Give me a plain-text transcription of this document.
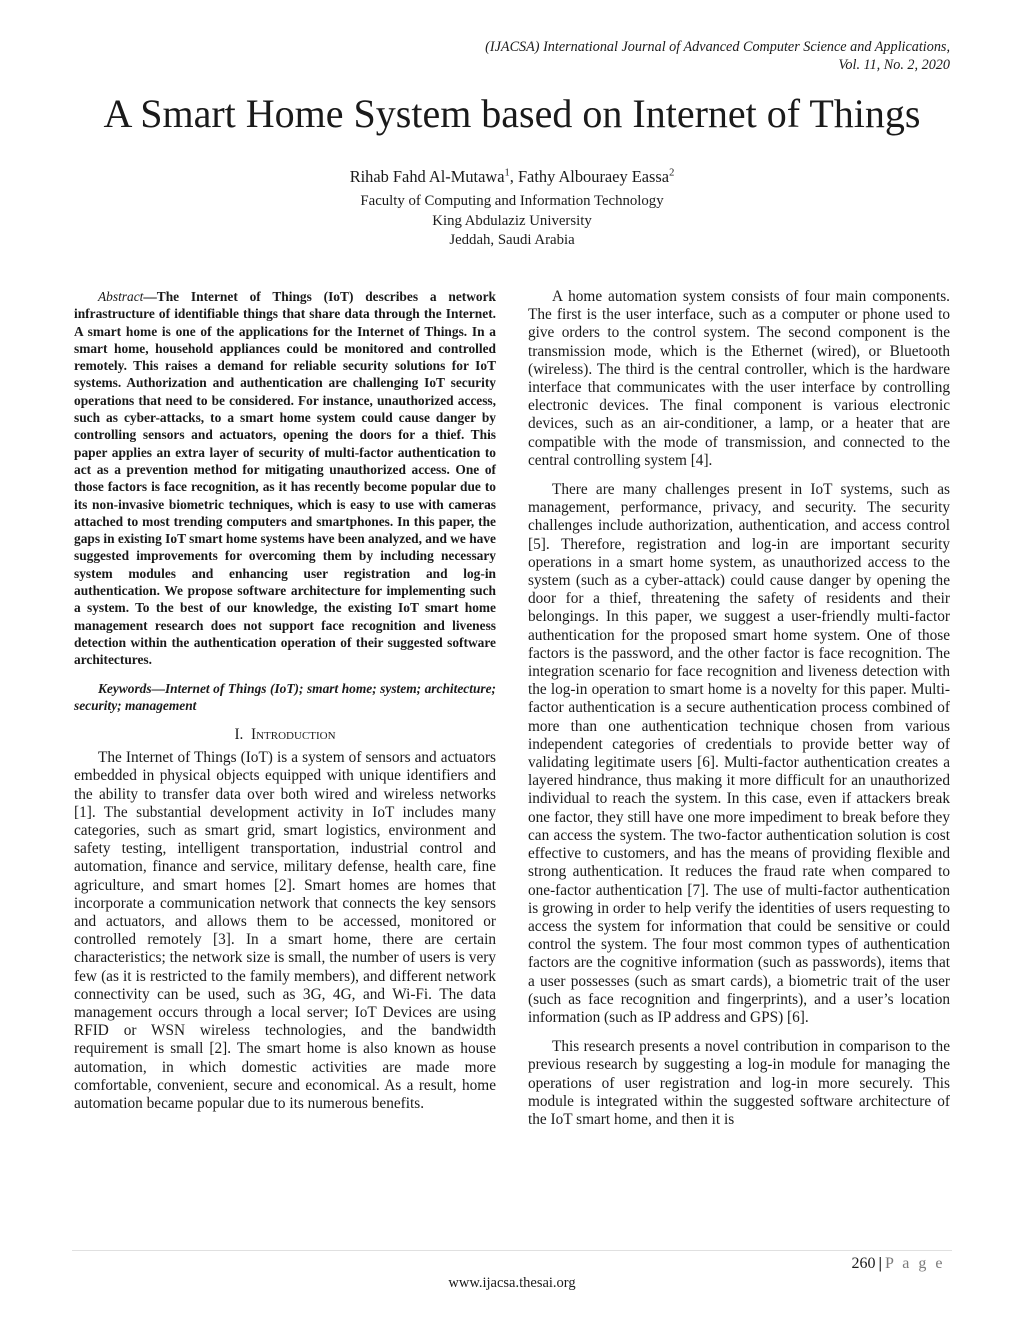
(IJACSA) International Journal of Advanced Computer Science and Applications,
Vol. 11, No. 2, 2020
A Smart Home System based on Internet of Things
Rihab Fahd Al-Mutawa$^1$, Fathy Albouraey Eassa$^2$
Faculty of Computing and Information Technology
King Abdulaziz University
Jeddah, Saudi Arabia

Abstract—The Internet of Things (IoT) describes a network infrastructure of identifiable things that share data through the Internet. A smart home is one of the applications for the Internet of Things. In a smart home, household appliances could be monitored and controlled remotely. This raises a demand for reliable security solutions for IoT systems. Authorization and authentication are challenging IoT security operations that need to be considered. For instance, unauthorized access, such as cyber-attacks, to a smart home system could cause danger by controlling sensors and actuators, opening the doors for a thief. This paper applies an extra layer of security of multi-factor authentication to act as a prevention method for mitigating unauthorized access. One of those factors is face recognition, as it has recently become popular due to its non-invasive biometric techniques, which is easy to use with cameras attached to most trending computers and smartphones. In this paper, the gaps in existing IoT smart home systems have been analyzed, and we have suggested improvements for overcoming them by including necessary system modules and enhancing user registration and log-in authentication. We propose software architecture for implementing such a system. To the best of our knowledge, the existing IoT smart home management research does not support face recognition and liveness detection within the authentication operation of their suggested software architectures.

Keywords—Internet of Things (IoT); smart home; system; architecture; security; management

I. Introduction

The Internet of Things (IoT) is a system of sensors and actuators embedded in physical objects equipped with unique identifiers and the ability to transfer data over both wired and wireless networks [1]. The substantial development activity in IoT includes many categories, such as smart grid, smart logistics, environment and safety testing, intelligent transportation, industrial control and automation, finance and service, military defense, health care, fine agriculture, and smart homes [2]. Smart homes are homes that incorporate a communication network that connects the key sensors and actuators, and allows them to be accessed, monitored or controlled remotely [3]. In a smart home, there are certain characteristics; the network size is small, the number of users is very few (as it is restricted to the family members), and different network connectivity can be used, such as 3G, 4G, and Wi-Fi. The data management occurs through a local server; IoT Devices are using RFID or WSN wireless technologies, and the bandwidth requirement is small [2]. The smart home is also known as house automation, in which domestic activities are made more comfortable, convenient, secure and economical. As a result, home automation became popular due to its numerous benefits.

A home automation system consists of four main components. The first is the user interface, such as a computer or phone used to give orders to the control system. The second component is the transmission mode, which is the Ethernet (wired), or Bluetooth (wireless). The third is the central controller, which is the hardware interface that communicates with the user interface by controlling electronic devices. The final component is various electronic devices, such as an air-conditioner, a lamp, or a heater that are compatible with the mode of transmission, and connected to the central controlling system [4].

There are many challenges present in IoT systems, such as management, performance, privacy, and security. The security challenges include authorization, authentication, and access control [5]. Therefore, registration and log-in are important security operations in a smart home system, as unauthorized access to the system (such as a cyber-attack) could cause danger by opening the door for a thief, threatening the safety of residents and their belongings. In this paper, we suggest a user-friendly multi-factor authentication for the proposed smart home system. One of those factors is the password, and the other factor is face recognition. The integration scenario for face recognition and liveness detection with the log-in operation to smart home is a novelty for this paper. Multi-factor authentication is a secure authentication process combined of more than one authentication technique chosen from various independent categories of credentials to provide better way of validating legitimate users [6]. Multi-factor authentication creates a layered hindrance, thus making it more difficult for an unauthorized individual to reach the system. In this case, even if attackers break one factor, they still have one more impediment to break before they can access the system. The two-factor authentication solution is cost effective to customers, and has the means of providing flexible and strong authentication. It reduces the fraud rate when compared to one-factor authentication [7]. The use of multi-factor authentication is growing in order to help verify the identities of users requesting to access the system for information that could be sensitive or could control the system. The four most common types of authentication factors are the cognitive information (such as passwords), items that a user possesses (such as smart cards), a biometric trait of the user (such as face recognition and fingerprints), and a user’s location information (such as IP address and GPS) [6].

This research presents a novel contribution in comparison to the previous research by suggesting a log-in module for managing the operations of user registration and log-in more securely. This module is integrated within the suggested software architecture of the IoT smart home, and then it is

260 | P a g e
www.ijacsa.thesai.org
